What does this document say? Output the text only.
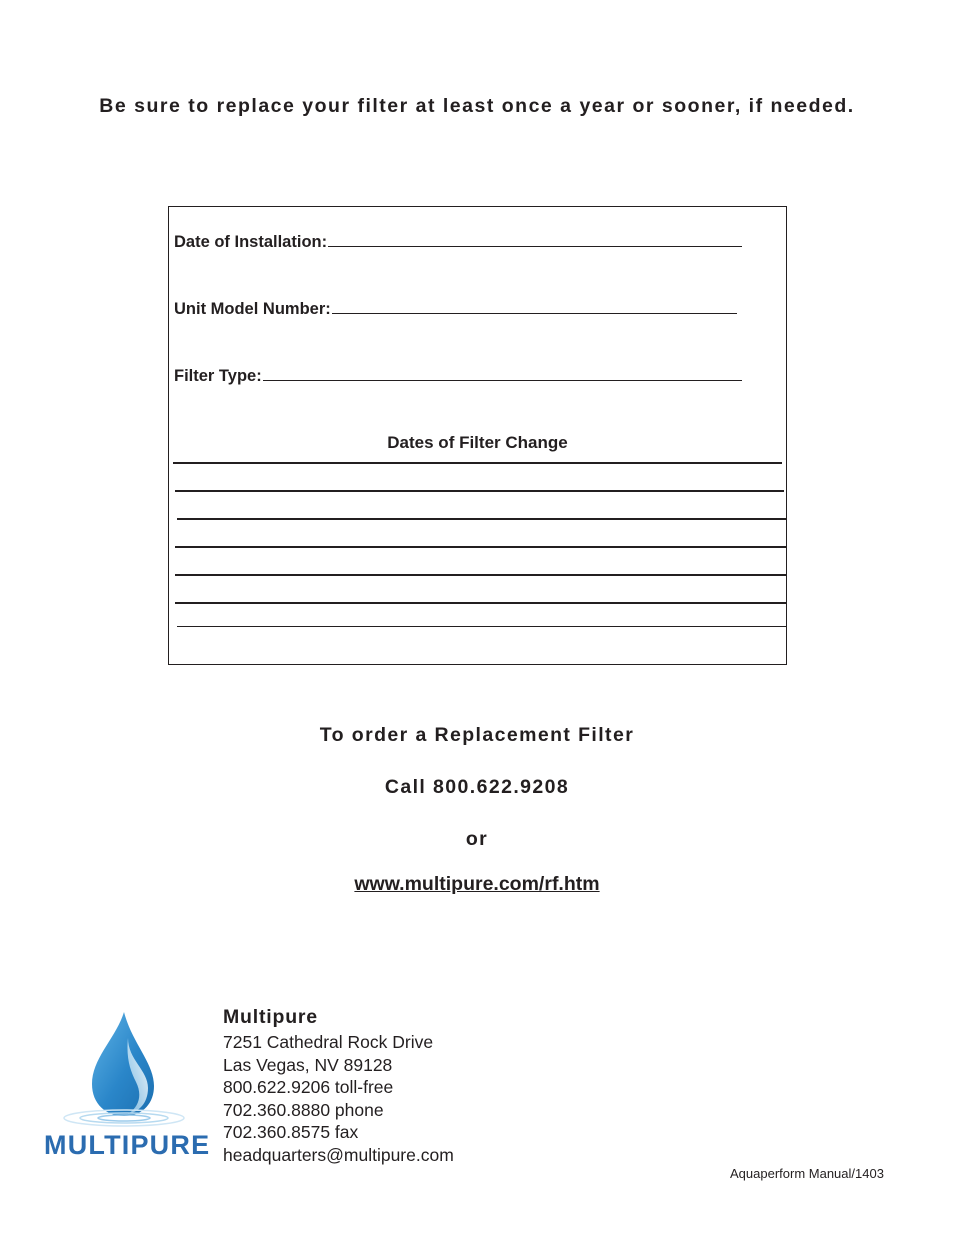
Be sure to replace your filter at least once a year or sooner, if needed.

Date of Installation:
Unit Model Number:
Filter Type:
Dates of Filter Change
To order a Replacement Filter
Call 800.622.9208
or
www.multipure.com/rf.htm
MULTIPURE
Multipure
7251 Cathedral Rock Drive
Las Vegas, NV 89128
800.622.9206 toll-free
702.360.8880 phone
702.360.8575 fax
headquarters@multipure.com
Aquaperform Manual/1403
